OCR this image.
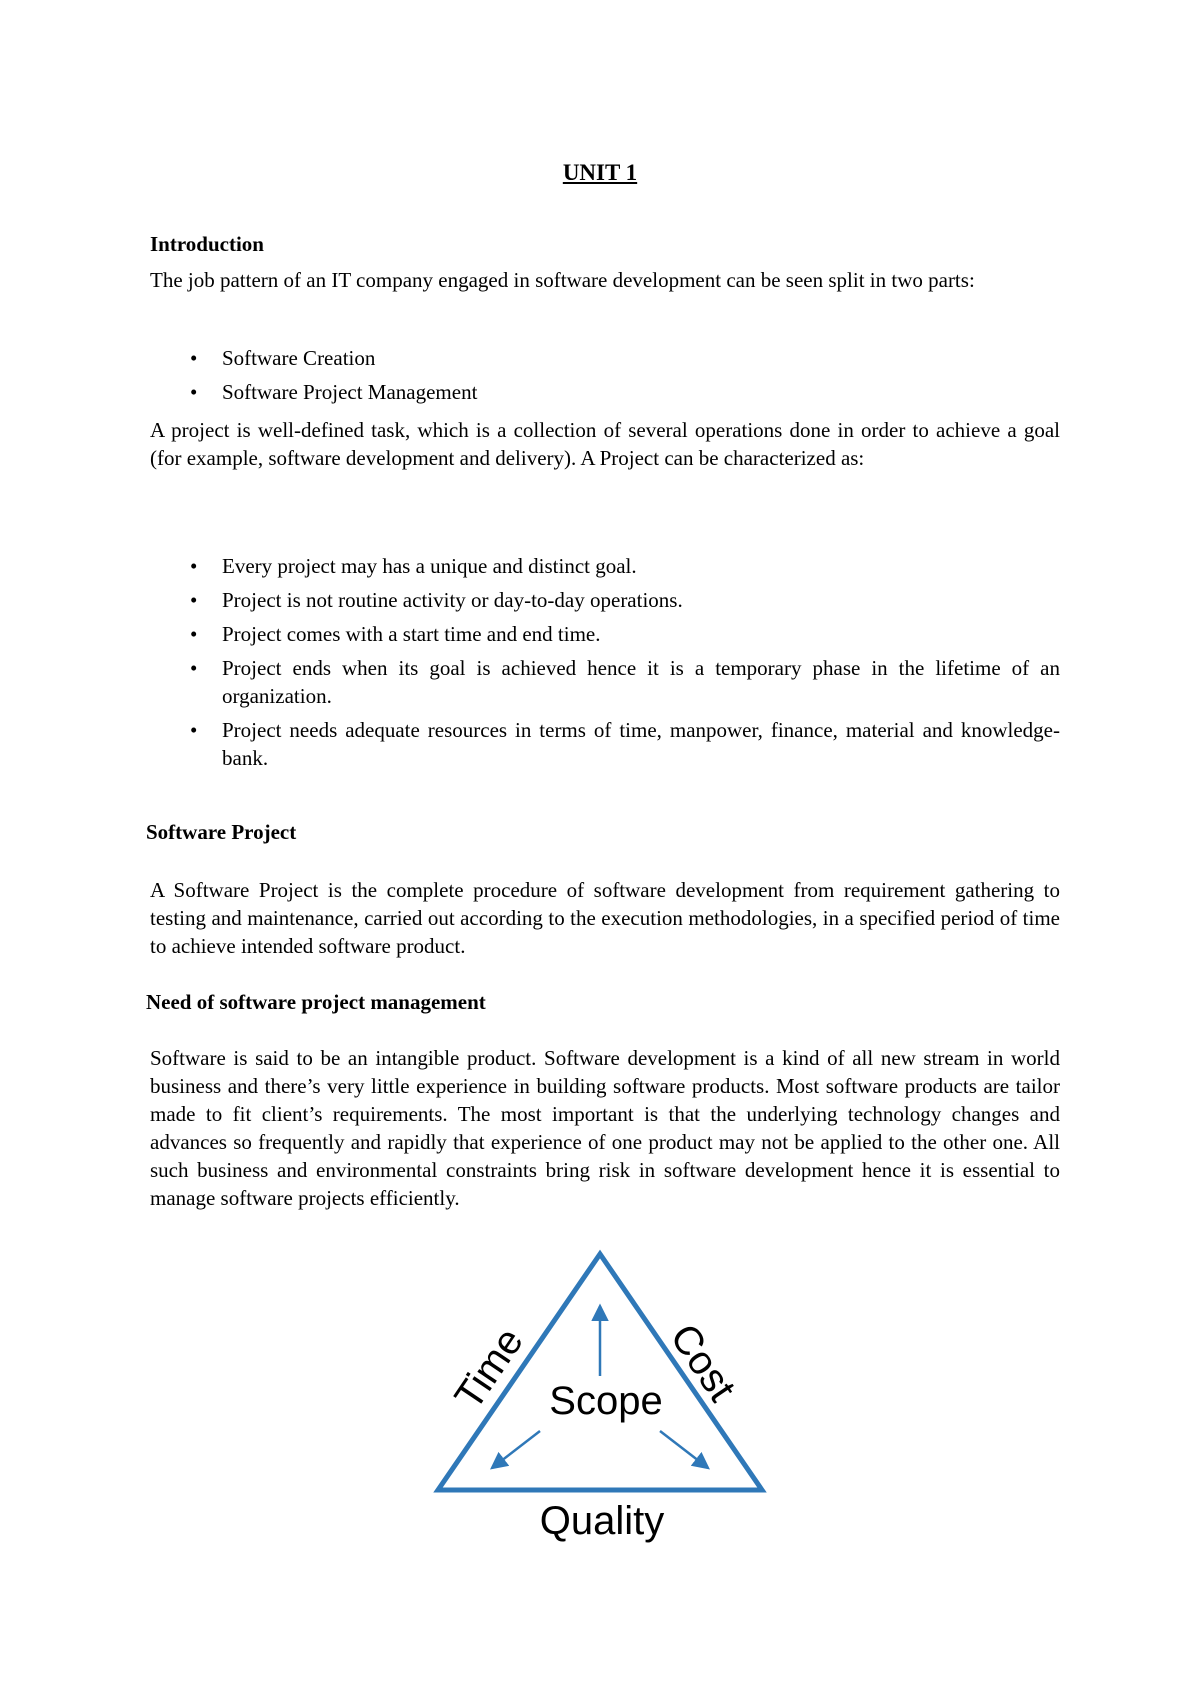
UNIT 1
Introduction
The job pattern of an IT company engaged in software development can be seen split in two parts:
• Software Creation
• Software Project Management
A project is well-defined task, which is a collection of several operations done in order to achieve a goal (for example, software development and delivery). A Project can be characterized as:
• Every project may has a unique and distinct goal.
• Project is not routine activity or day-to-day operations.
• Project comes with a start time and end time.
• Project ends when its goal is achieved hence it is a temporary phase in the lifetime of an organization.
• Project needs adequate resources in terms of time, manpower, finance, material and knowledge-bank.
Software Project
A Software Project is the complete procedure of software development from requirement gathering to testing and maintenance, carried out according to the execution methodologies, in a specified period of time to achieve intended software product.
Need of software project management
Software is said to be an intangible product. Software development is a kind of all new stream in world business and there’s very little experience in building software products. Most software products are tailor made to fit client’s requirements. The most important is that the underlying technology changes and advances so frequently and rapidly that experience of one product may not be applied to the other one. All such business and environmental constraints bring risk in software development hence it is essential to manage software projects efficiently.
Time	Cost
Scope
Quality
